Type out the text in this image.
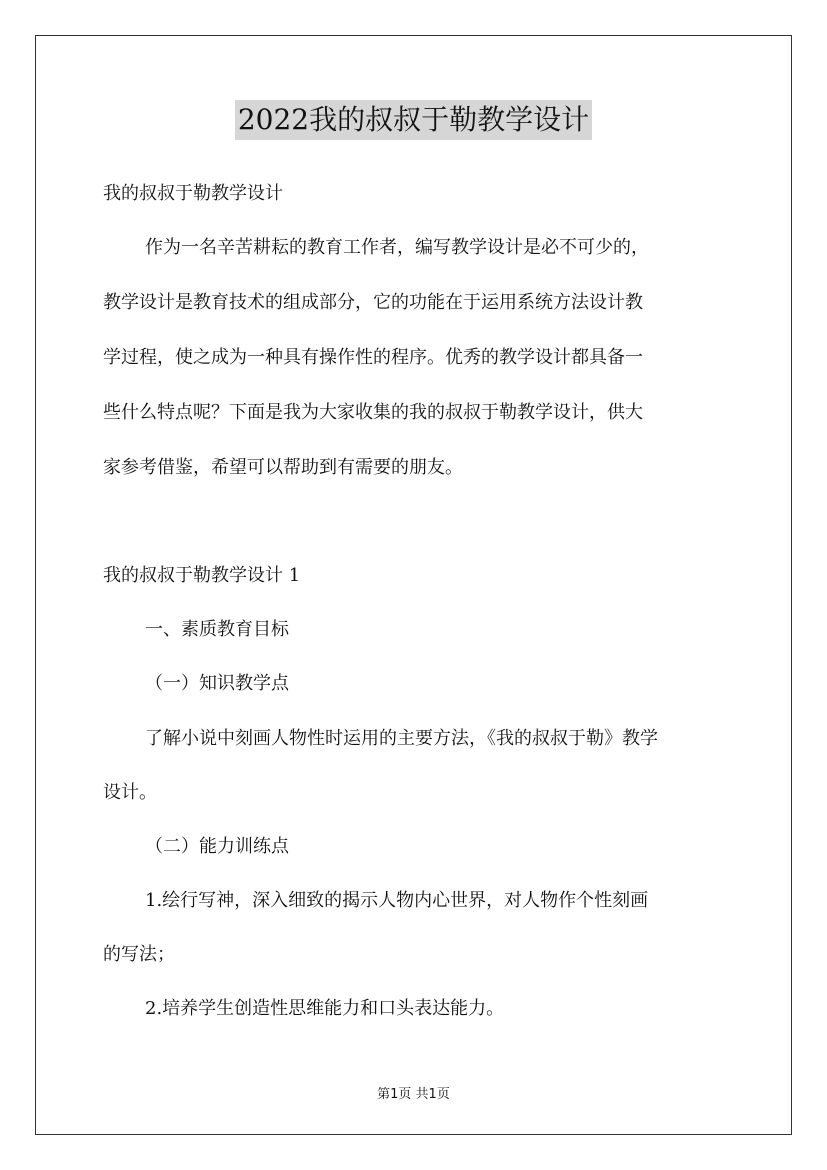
2022我的叔叔于勒教学设计
我的叔叔于勒教学设计
作为一名辛苦耕耘的教育工作者，编写教学设计是必不可少的，
教学设计是教育技术的组成部分，它的功能在于运用系统方法设计教
学过程，使之成为一种具有操作性的程序。优秀的教学设计都具备一
些什么特点呢？下面是我为大家收集的我的叔叔于勒教学设计，供大
家参考借鉴，希望可以帮助到有需要的朋友。
我的叔叔于勒教学设计 1
一、素质教育目标
（一）知识教学点
了解小说中刻画人物性时运用的主要方法，《我的叔叔于勒》教学
设计。
（二）能力训练点
1.绘行写神，深入细致的揭示人物内心世界，对人物作个性刻画
的写法；
2.培养学生创造性思维能力和口头表达能力。
第1页 共1页
